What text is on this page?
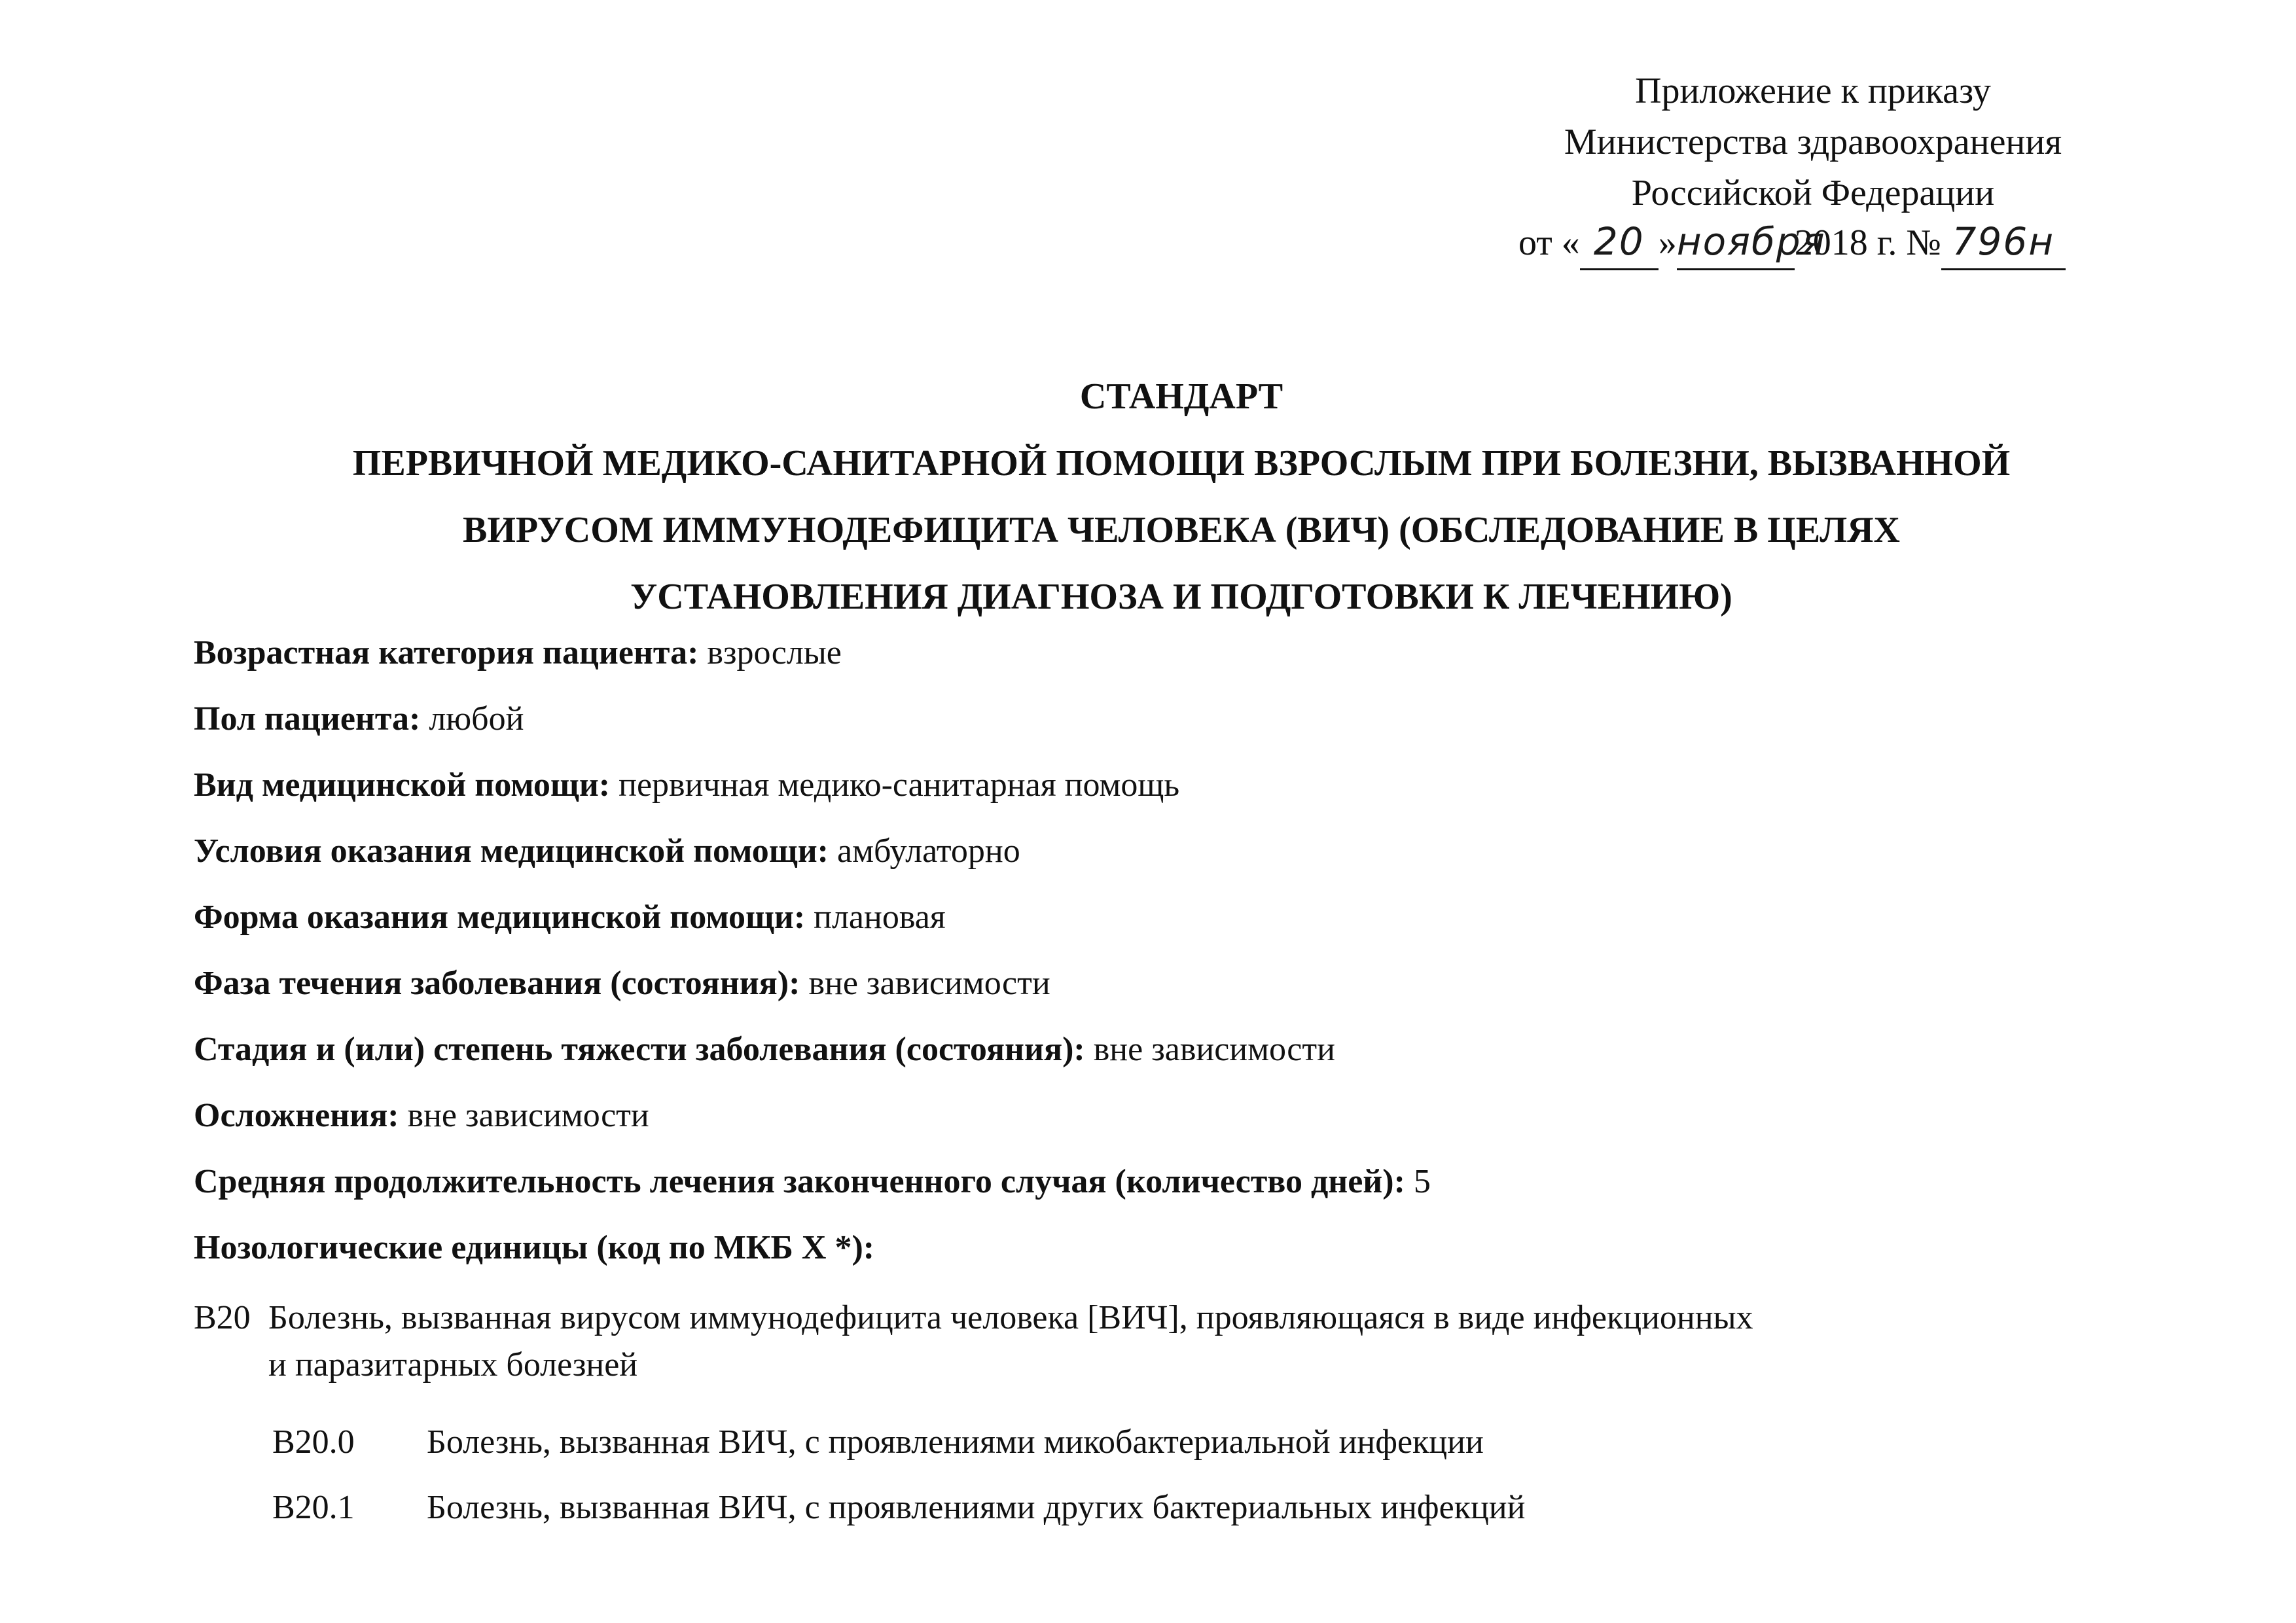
Приложение к приказу
Министерства здравоохранения
Российской Федерации
от « 20 »ноября2018 г. № 796н
СТАНДАРТ
ПЕРВИЧНОЙ МЕДИКО-САНИТАРНОЙ ПОМОЩИ ВЗРОСЛЫМ ПРИ БОЛЕЗНИ, ВЫЗВАННОЙ
ВИРУСОМ ИММУНОДЕФИЦИТА ЧЕЛОВЕКА (ВИЧ) (ОБСЛЕДОВАНИЕ В ЦЕЛЯХ
УСТАНОВЛЕНИЯ ДИАГНОЗА И ПОДГОТОВКИ К ЛЕЧЕНИЮ)
Возрастная категория пациента: взрослые
Пол пациента: любой
Вид медицинской помощи: первичная медико-санитарная помощь
Условия оказания медицинской помощи: амбулаторно
Форма оказания медицинской помощи: плановая
Фаза течения заболевания (состояния): вне зависимости
Стадия и (или) степень тяжести заболевания (состояния): вне зависимости
Осложнения: вне зависимости
Средняя продолжительность лечения законченного случая (количество дней): 5
Нозологические единицы (код по МКБ X *):
B20 Болезнь, вызванная вирусом иммунодефицита человека [ВИЧ], проявляющаяся в виде инфекционных
и паразитарных болезней
B20.0 Болезнь, вызванная ВИЧ, с проявлениями микобактериальной инфекции
B20.1 Болезнь, вызванная ВИЧ, с проявлениями других бактериальных инфекций
